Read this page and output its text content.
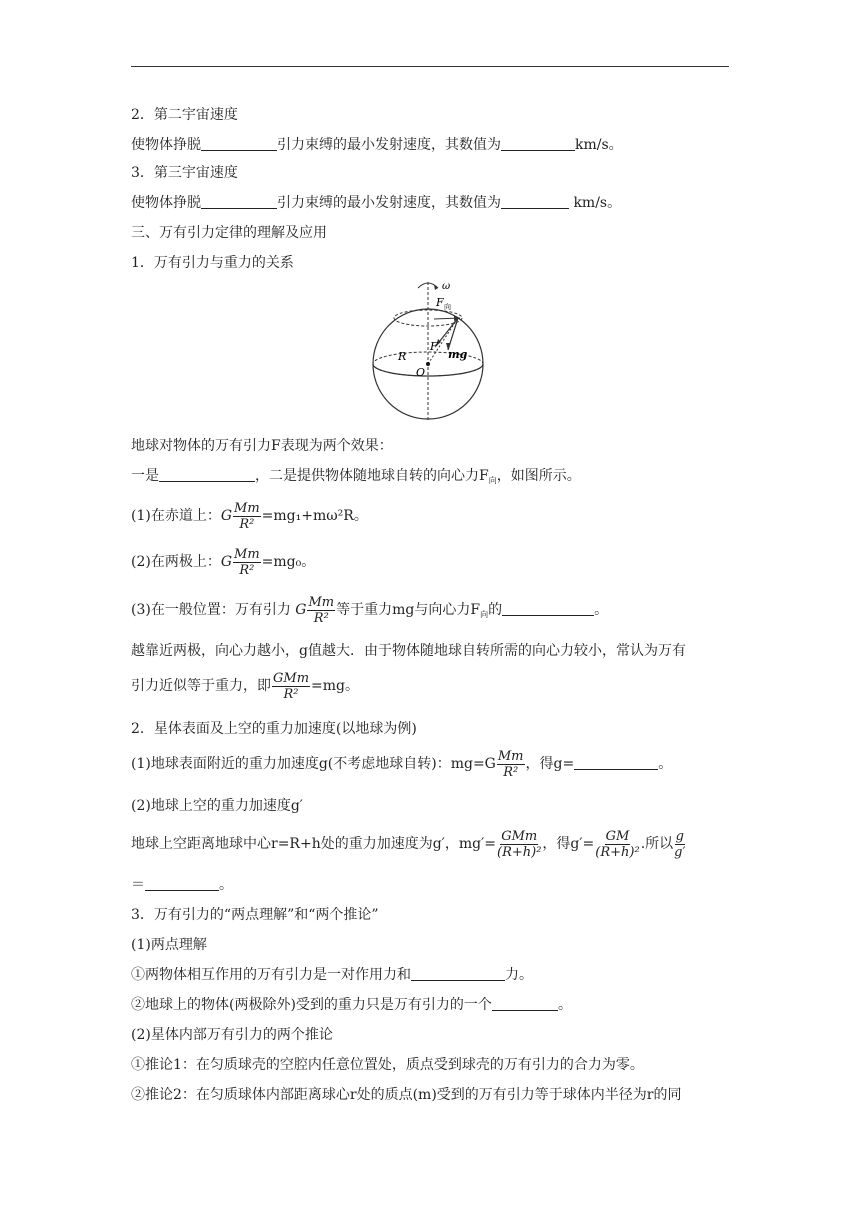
2．第二宇宙速度
使物体挣脱	引力束缚的最小发射速度，其数值为	km/s。
3．第三宇宙速度
使物体挣脱	引力束缚的最小发射速度，其数值为	km/s。
三、万有引力定律的理解及应用
1．万有引力与重力的关系
ω
F 向
mg
F
R
O
地球对物体的万有引力F表现为两个效果：
一是	，二是提供物体随地球自转的向心力$F_向$，如图所示。
(1)在赤道上：G $\frac{Mm}{\text{R²}} =mg_1+m\omega^2R$。
(2)在两极上：G $\frac{Mm}{\text{R²}} =mg_0$。
(3)在一般位置：万有引力 G $\frac{Mm}{\text{R²}}$ 等于重力mg与向心力$F_向$的	。
越靠近两极，向心力越小，g值越大．由于物体随地球自转所需的向心力较小，常认为万有
引力近似等于重力，即 $\frac{\text{GMm}}{\text{R²}} =mg$。
2．星体表面及上空的重力加速度(以地球为例)
(1)地球表面附近的重力加速度g(不考虑地球自转)：$mg=G \frac{Mm}{\text{R²}}$ ，得g=	。
(2)地球上空的重力加速度g′
地球上空距离地球中心r=R+h处的重力加速度为g′，$mg'= \frac{\text{GMm}}{\text{(R+h)²}}$ ，得$g'= \frac{GM}{\text{(R+h)²}}$ .所以 $\frac{g}{g'}$
＝	。
3．万有引力的“两点理解”和“两个推论”
(1)两点理解
①两物体相互作用的万有引力是一对作用力和	力。
②地球上的物体(两极除外)受到的重力只是万有引力的一个	。
(2)星体内部万有引力的两个推论
①推论1：在匀质球壳的空腔内任意位置处，质点受到球壳的万有引力的合力为零。
②推论2：在匀质球体内部距离球心r处的质点(m)受到的万有引力等于球体内半径为r的同
